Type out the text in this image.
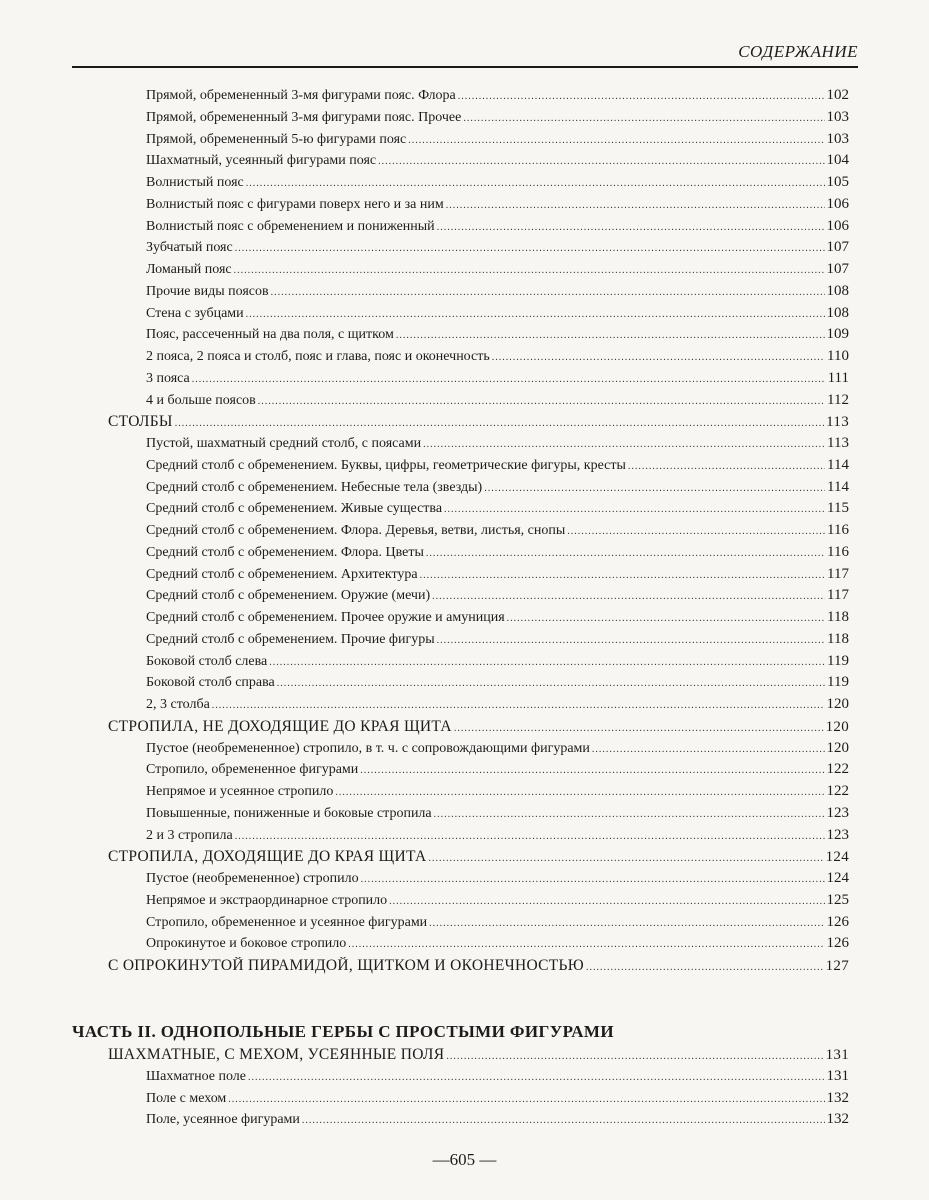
СОДЕРЖАНИЕ
Прямой, обремененный 3-мя фигурами пояс. Флора .....	102
Прямой, обремененный 3-мя фигурами пояс. Прочее .....	103
Прямой, обремененный 5-ю фигурами пояс .....	103
Шахматный, усеянный фигурами пояс .....	104
Волнистый пояс .....	105
Волнистый пояс с фигурами поверх него и за ним .....	106
Волнистый пояс с обременением и пониженный .....	106
Зубчатый пояс .....	107
Ломаный пояс .....	107
Прочие виды поясов .....	108
Стена с зубцами .....	108
Пояс, рассеченный на два поля, с щитком .....	109
2 пояса, 2 пояса и столб, пояс и глава, пояс и оконечность .....	110
3 пояса .....	111
4 и больше поясов .....	112
СТОЛБЫ .....	113
Пустой, шахматный средний столб, с поясами .....	113
Средний столб с обременением. Буквы, цифры, геометрические фигуры, кресты .....	114
Средний столб с обременением. Небесные тела (звезды) .....	114
Средний столб с обременением. Живые существа .....	115
Средний столб с обременением. Флора. Деревья, ветви, листья, снопы .....	116
Средний столб с обременением. Флора. Цветы .....	116
Средний столб с обременением. Архитектура .....	117
Средний столб с обременением. Оружие (мечи) .....	117
Средний столб с обременением. Прочее оружие и амуниция .....	118
Средний столб с обременением. Прочие фигуры .....	118
Боковой столб слева .....	119
Боковой столб справа .....	119
2, 3 столба .....	120
СТРОПИЛА, НЕ ДОХОДЯЩИЕ ДО КРАЯ ЩИТА .....	120
Пустое (необремененное) стропило, в т. ч. с сопровождающими фигурами .....	120
Стропило, обремененное фигурами .....	122
Непрямое и усеянное стропило .....	122
Повышенные, пониженные и боковые стропила .....	123
2 и 3 стропила .....	123
СТРОПИЛА, ДОХОДЯЩИЕ ДО КРАЯ ЩИТА .....	124
Пустое (необремененное) стропило .....	124
Непрямое и экстраординарное стропило .....	125
Стропило, обремененное и усеянное фигурами .....	126
Опрокинутое и боковое стропило .....	126
С ОПРОКИНУТОЙ ПИРАМИДОЙ, ЩИТКОМ И ОКОНЕЧНОСТЬЮ .....	127
ШАХМАТНЫЕ, С МЕХОМ, УСЕЯННЫЕ ПОЛЯ .....	131
Шахматное поле .....	131
Поле с мехом .....	132
Поле, усеянное фигурами .....	132
ЧАСТЬ II. ОДНОПОЛЬНЫЕ ГЕРБЫ С ПРОСТЫМИ ФИГУРАМИ
—605 —
